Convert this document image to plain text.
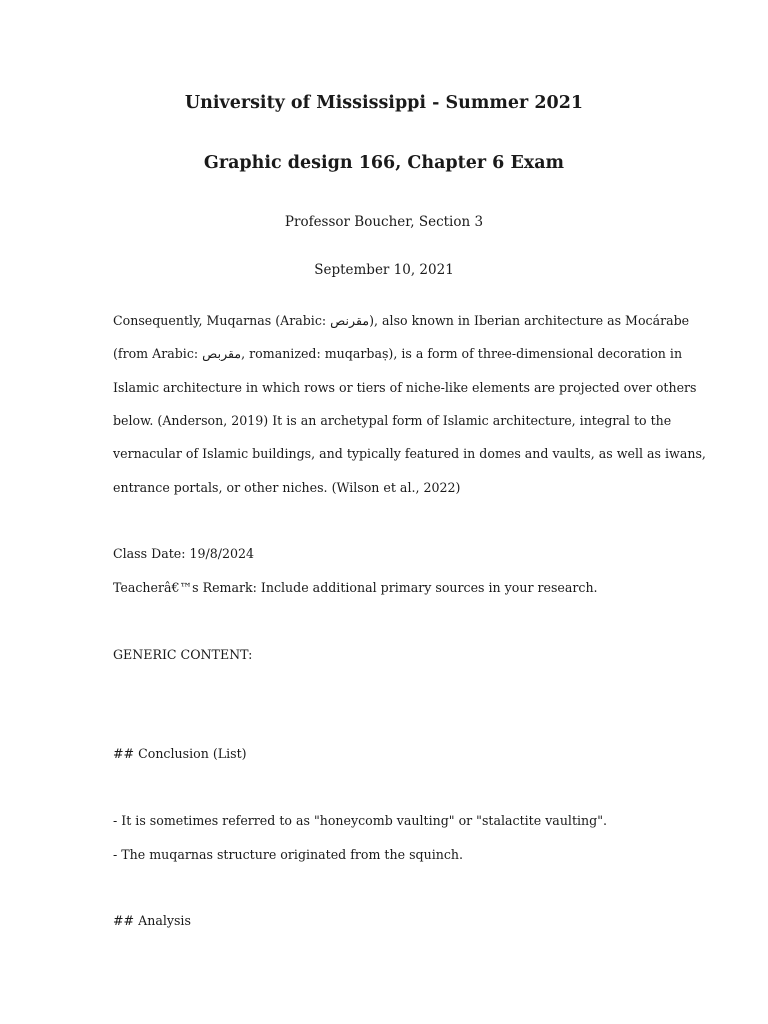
University of Mississippi - Summer 2021
Graphic design 166, Chapter 6 Exam
Professor Boucher, Section 3
September 10, 2021
Consequently, Muqarnas (Arabic: مقرنص), also known in Iberian architecture as Mocárabe
(from Arabic: مقربص, romanized: muqarbaṣ), is a form of three-dimensional decoration in
Islamic architecture in which rows or tiers of niche-like elements are projected over others
below. (Anderson, 2019) It is an archetypal form of Islamic architecture, integral to the
vernacular of Islamic buildings, and typically featured in domes and vaults, as well as iwans,
entrance portals, or other niches. (Wilson et al., 2022)
Class Date: 19/8/2024
Teacherâ€™s Remark: Include additional primary sources in your research.
GENERIC CONTENT:
## Conclusion (List)
- It is sometimes referred to as "honeycomb vaulting" or "stalactite vaulting".
- The muqarnas structure originated from the squinch.
## Analysis
